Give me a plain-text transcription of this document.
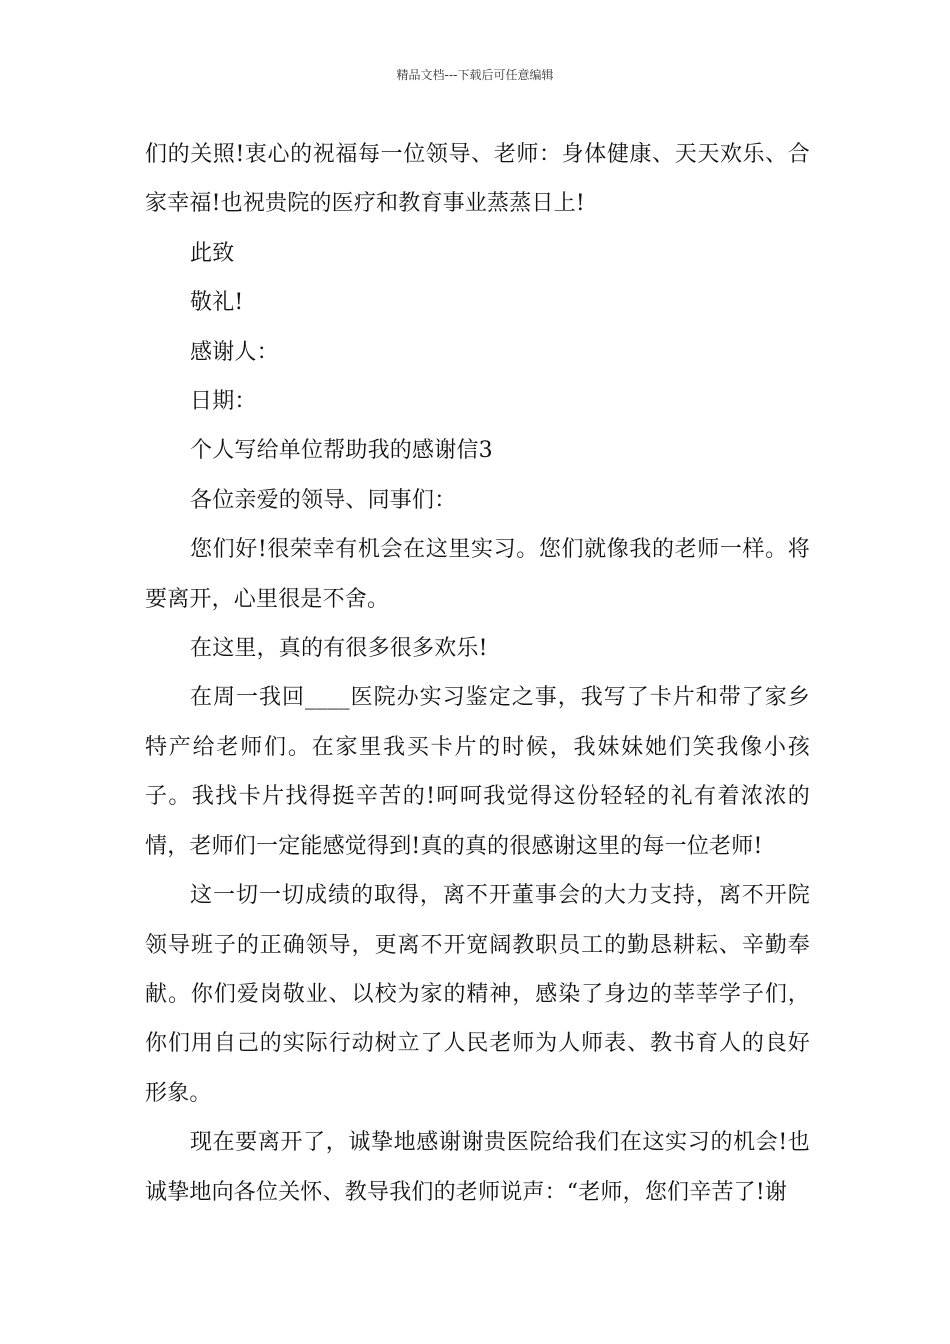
精品文档---下载后可任意编辑

们的关照!衷心的祝福每一位领导、老师：身体健康、天天欢乐、合家幸福!也祝贵院的医疗和教育事业蒸蒸日上!

此致

敬礼!

感谢人：

日期：

个人写给单位帮助我的感谢信3

各位亲爱的领导、同事们：

您们好!很荣幸有机会在这里实习。您们就像我的老师一样。将要离开，心里很是不舍。

在这里，真的有很多很多欢乐!

在周一我回____医院办实习鉴定之事，我写了卡片和带了家乡特产给老师们。在家里我买卡片的时候，我妹妹她们笑我像小孩子。我找卡片找得挺辛苦的!呵呵我觉得这份轻轻的礼有着浓浓的情，老师们一定能感觉得到!真的真的很感谢这里的每一位老师!

这一切一切成绩的取得，离不开董事会的大力支持，离不开院领导班子的正确领导，更离不开宽阔教职员工的勤恳耕耘、辛勤奉献。你们爱岗敬业、以校为家的精神，感染了身边的莘莘学子们，你们用自己的实际行动树立了人民老师为人师表、教书育人的良好形象。

现在要离开了，诚挚地感谢谢贵医院给我们在这实习的机会!也诚挚地向各位关怀、教导我们的老师说声：“老师，您们辛苦了!谢
